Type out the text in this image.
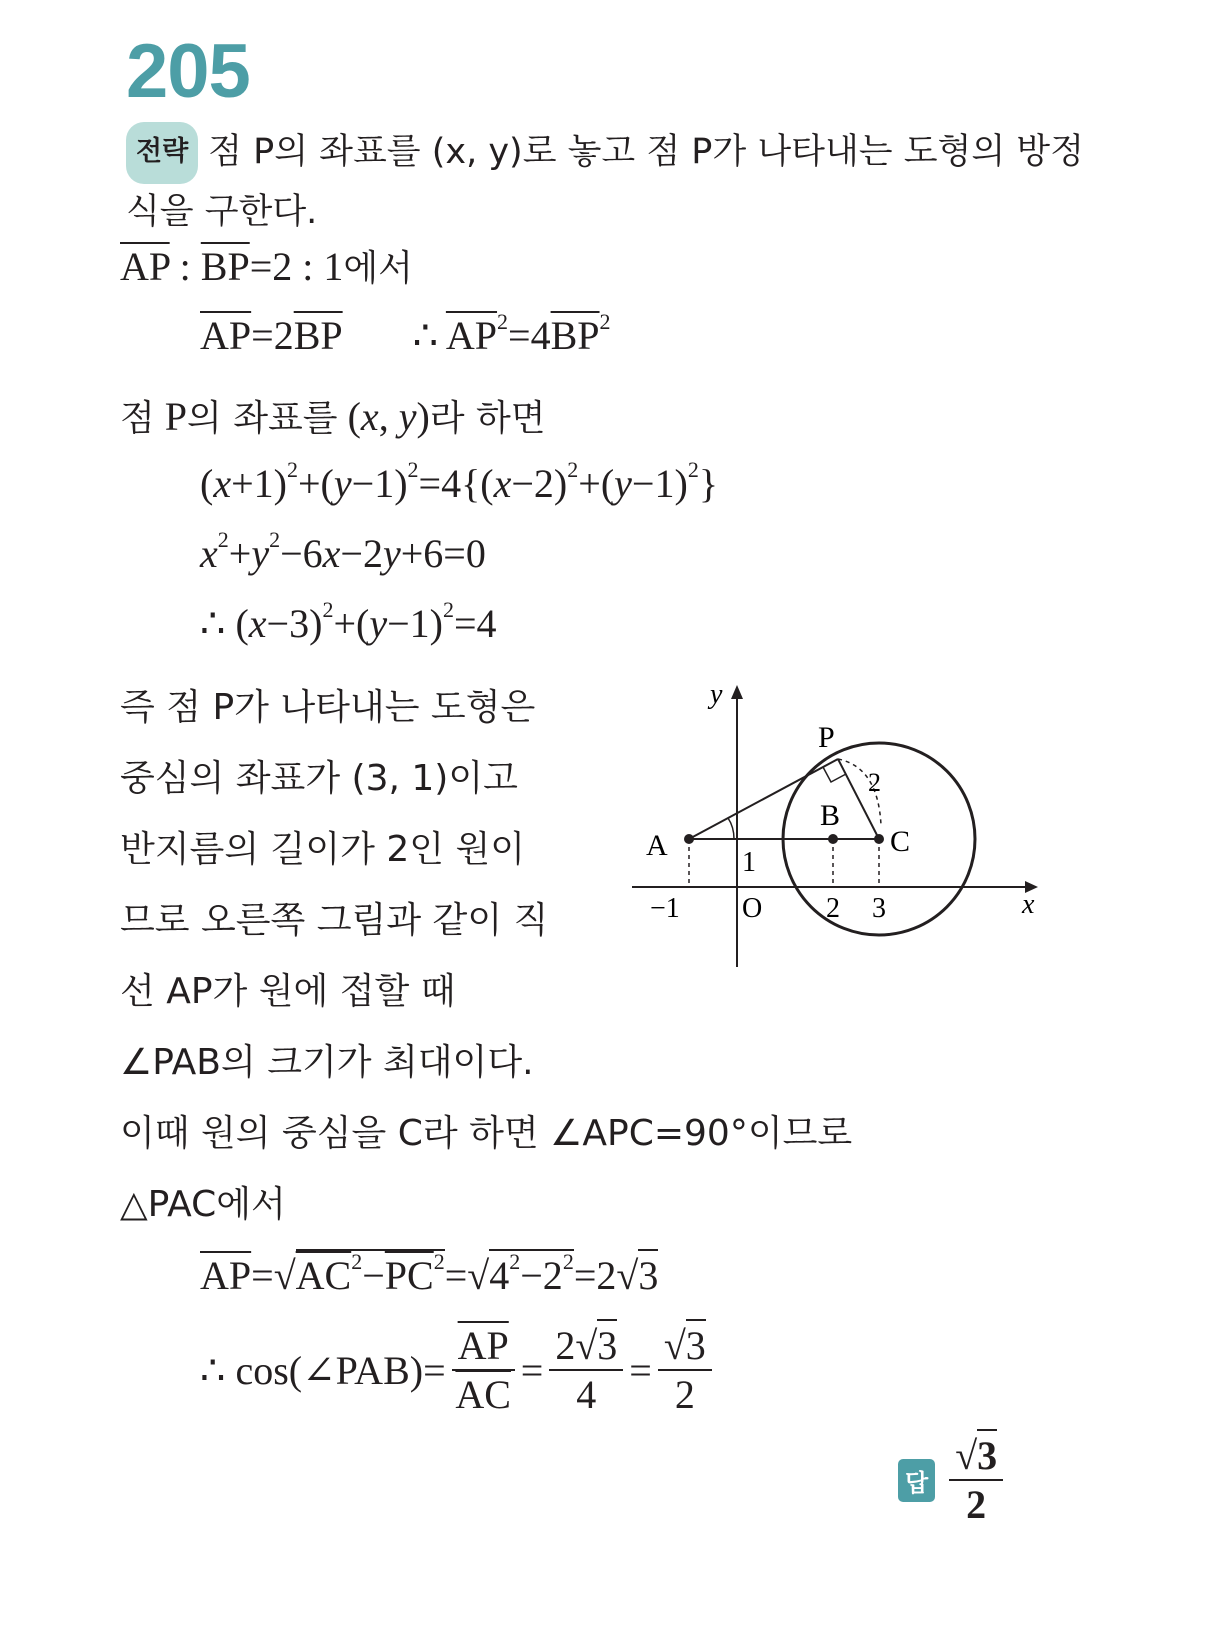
205
전략 점 P의 좌표를 (x, y)로 놓고 점 P가 나타내는 도형의 방정식을 구한다.
$\overline{AP}$ : $\overline{BP}=2$ : 1에서
$\overline{AP}=2\overline{BP}$ ∴ $\overline{AP}^2=4\overline{BP}^2$
점 P의 좌표를 (x, y)라 하면
$(x+1)^2+(y-1)^2=4\{(x-2)^2+(y-1)^2\}$
$x^2+y^2-6x-2y+6=0$
∴ $(x-3)^2+(y-1)^2=4$
즉 점 P가 나타내는 도형은
중심의 좌표가 (3, 1)이고
반지름의 길이가 2인 원이
므로 오른쪽 그림과 같이 직
선 AP가 원에 접할 때
∠PAB의 크기가 최대이다.
이때 원의 중심을 C라 하면 ∠APC=90°이므로
△PAC에서
$\overline{AP}=√AC^2-\overline{PC}^2=√4^2-2^2=2√3$
∴ cos(∠PAB)= $\frac{\overline{AP}}{AC} = \frac{2√3}{4} = \frac{√3}{2}$
답 $\frac{√3}{2}$
x
y
O
A
B
C
P
2
1
−1	2 3
